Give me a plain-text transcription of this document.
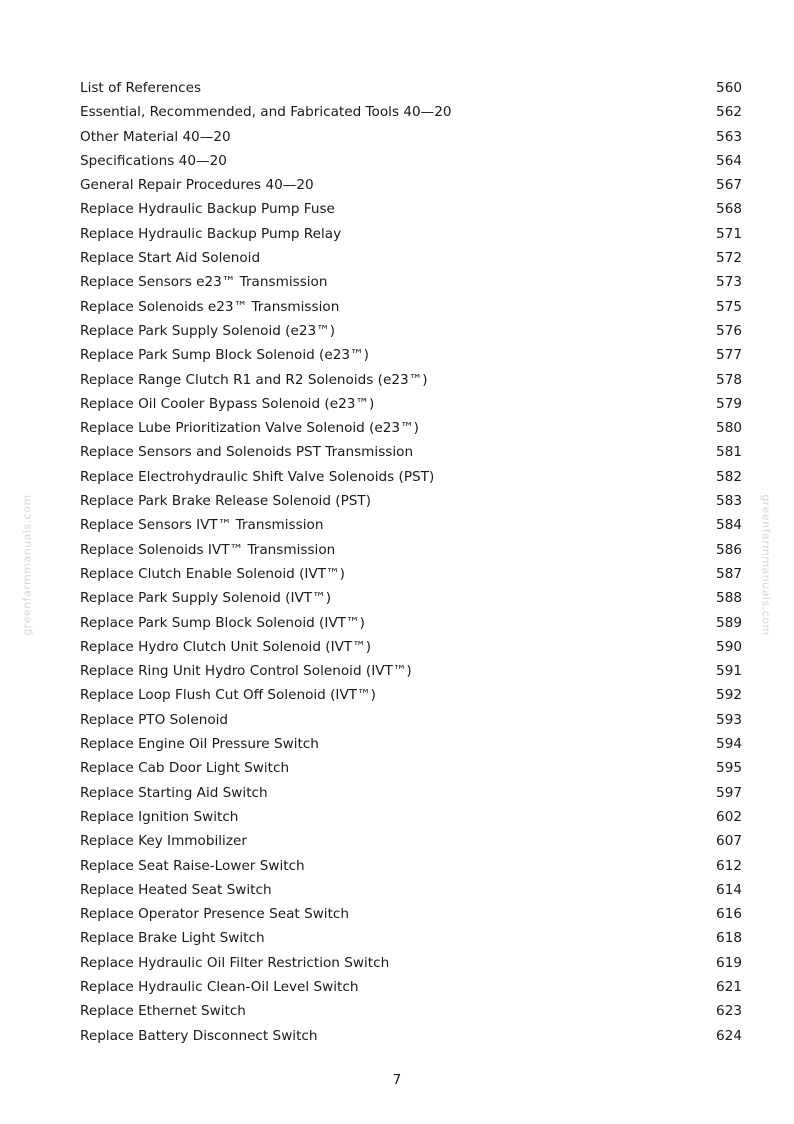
List of References	560
Essential, Recommended, and Fabricated Tools 40—20	562
Other Material 40—20	563
Specifications 40—20	564
General Repair Procedures 40—20	567
Replace Hydraulic Backup Pump Fuse	568
Replace Hydraulic Backup Pump Relay	571
Replace Start Aid Solenoid	572
Replace Sensors e23™ Transmission	573
Replace Solenoids e23™ Transmission	575
Replace Park Supply Solenoid (e23™)	576
Replace Park Sump Block Solenoid (e23™)	577
Replace Range Clutch R1 and R2 Solenoids (e23™)	578
Replace Oil Cooler Bypass Solenoid (e23™)	579
Replace Lube Prioritization Valve Solenoid (e23™)	580
Replace Sensors and Solenoids PST Transmission	581
Replace Electrohydraulic Shift Valve Solenoids (PST)	582
Replace Park Brake Release Solenoid (PST)	583
Replace Sensors IVT™ Transmission	584
Replace Solenoids IVT™ Transmission	586
Replace Clutch Enable Solenoid (IVT™)	587
Replace Park Supply Solenoid (IVT™)	588
Replace Park Sump Block Solenoid (IVT™)	589
Replace Hydro Clutch Unit Solenoid (IVT™)	590
Replace Ring Unit Hydro Control Solenoid (IVT™)	591
Replace Loop Flush Cut Off Solenoid (IVT™)	592
Replace PTO Solenoid	593
Replace Engine Oil Pressure Switch	594
Replace Cab Door Light Switch	595
Replace Starting Aid Switch	597
Replace Ignition Switch	602
Replace Key Immobilizer	607
Replace Seat Raise-Lower Switch	612
Replace Heated Seat Switch	614
Replace Operator Presence Seat Switch	616
Replace Brake Light Switch	618
Replace Hydraulic Oil Filter Restriction Switch	619
Replace Hydraulic Clean-Oil Level Switch	621
Replace Ethernet Switch	623
Replace Battery Disconnect Switch	624
7
greenfarmmanuals.com	greenfarmmanuals.com
